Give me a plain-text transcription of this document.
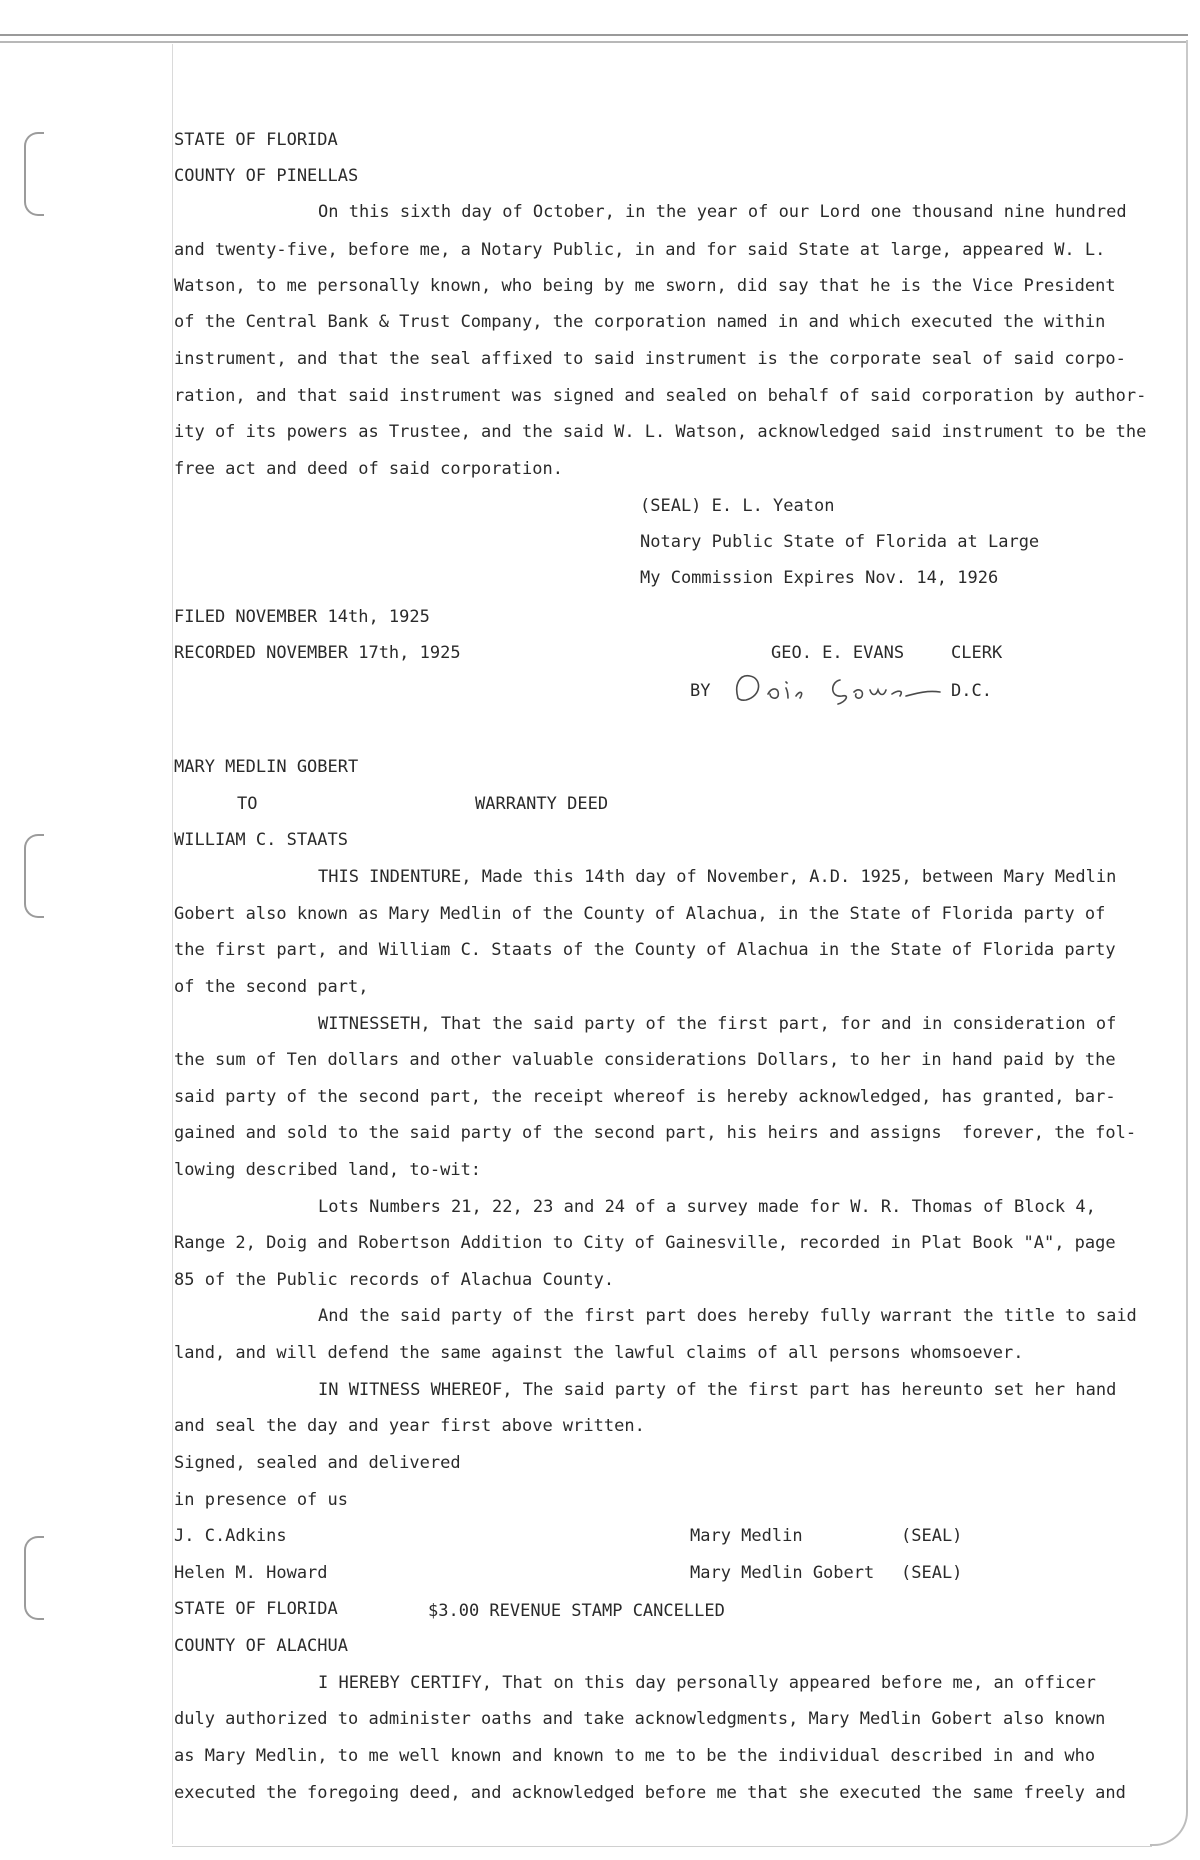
STATE OF FLORIDA
COUNTY OF PINELLAS
On this sixth day of October, in the year of our Lord one thousand nine hundred
and twenty-five, before me, a Notary Public, in and for said State at large, appeared W. L.
Watson, to me personally known, who being by me sworn, did say that he is the Vice President
of the Central Bank & Trust Company, the corporation named in and which executed the within
instrument, and that the seal affixed to said instrument is the corporate seal of said corpo-
ration, and that said instrument was signed and sealed on behalf of said corporation by author-
ity of its powers as Trustee, and the said W. L. Watson, acknowledged said instrument to be the
free act and deed of said corporation.
(SEAL) E. L. Yeaton
Notary Public State of Florida at Large
My Commission Expires Nov. 14, 1926
FILED NOVEMBER 14th, 1925
RECORDED NOVEMBER 17th, 1925	GEO. E. EVANS	CLERK
BY	D.C.
MARY MEDLIN GOBERT
TO	WARRANTY DEED
WILLIAM C. STAATS
THIS INDENTURE, Made this 14th day of November, A.D. 1925, between Mary Medlin
Gobert also known as Mary Medlin of the County of Alachua, in the State of Florida party of
the first part, and William C. Staats of the County of Alachua in the State of Florida party
of the second part,
WITNESSETH, That the said party of the first part, for and in consideration of
the sum of Ten dollars and other valuable considerations Dollars, to her in hand paid by the
said party of the second part, the receipt whereof is hereby acknowledged, has granted, bar-
gained and sold to the said party of the second part, his heirs and assigns  forever, the fol-
lowing described land, to-wit:
Lots Numbers 21, 22, 23 and 24 of a survey made for W. R. Thomas of Block 4,
Range 2, Doig and Robertson Addition to City of Gainesville, recorded in Plat Book "A", page
85 of the Public records of Alachua County.
And the said party of the first part does hereby fully warrant the title to said
land, and will defend the same against the lawful claims of all persons whomsoever.
IN WITNESS WHEREOF, The said party of the first part has hereunto set her hand
and seal the day and year first above written.
Signed, sealed and delivered
in presence of us
J. C.Adkins	Mary Medlin	(SEAL)
Helen M. Howard	Mary Medlin Gobert (SEAL)
STATE OF FLORIDA	$3.00 REVENUE STAMP CANCELLED
COUNTY OF ALACHUA
I HEREBY CERTIFY, That on this day personally appeared before me, an officer
duly authorized to administer oaths and take acknowledgments, Mary Medlin Gobert also known
as Mary Medlin, to me well known and known to me to be the individual described in and who
executed the foregoing deed, and acknowledged before me that she executed the same freely and
